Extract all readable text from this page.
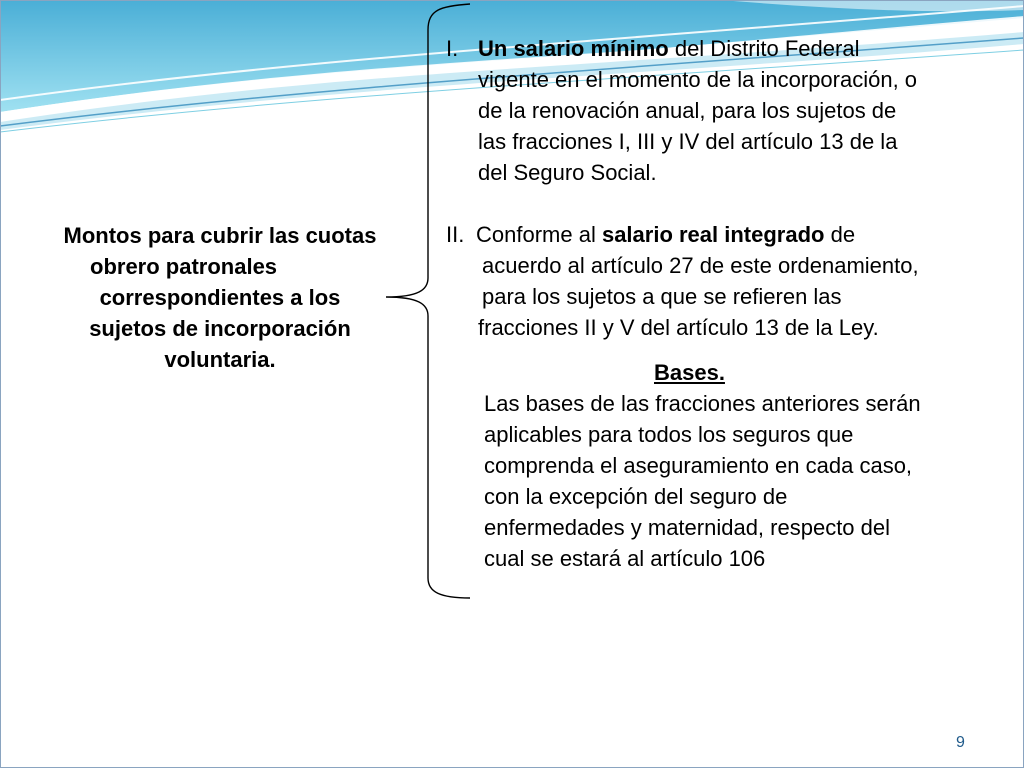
Montos para cubrir las cuotas
obrero patronales
correspondientes a los
sujetos de incorporación
voluntaria.
I. Un salario mínimo del Distrito Federal
vigente en el momento de la incorporación, o
de la renovación anual, para los sujetos de
las fracciones I, III y IV del artículo 13 de la
del Seguro Social.
II. Conforme al salario real integrado de
acuerdo al artículo 27 de este ordenamiento,
para los sujetos a que se refieren las
fracciones II y V del artículo 13 de la Ley.
Bases.
Las bases de las fracciones anteriores serán
aplicables para todos los seguros que
comprenda el aseguramiento en cada caso,
con la excepción del seguro de
enfermedades y maternidad, respecto del
cual se estará al artículo 106
9
